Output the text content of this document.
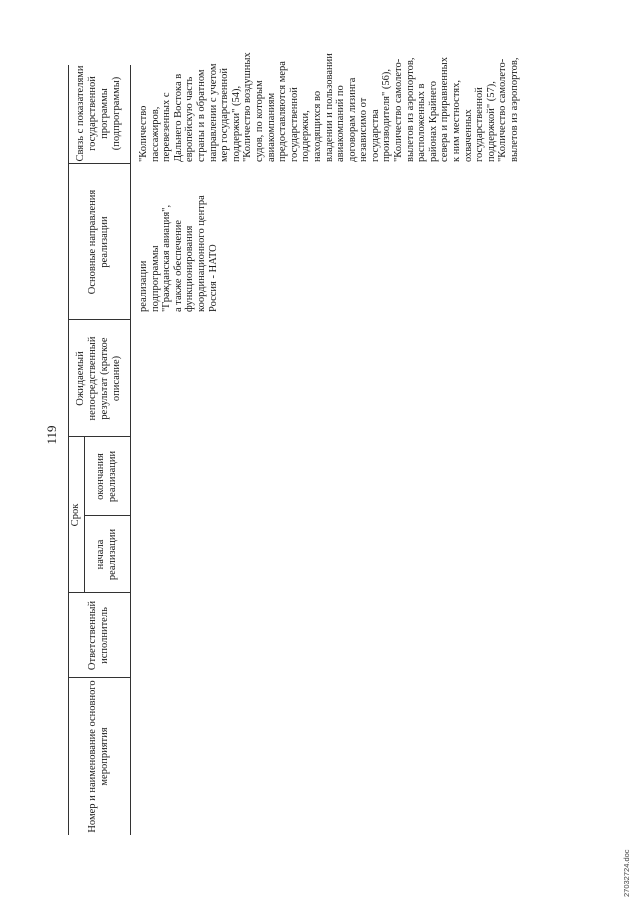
119
Номер и наименование основного мероприятия
Ответственный исполнитель
Срок
начала реализации
окончания реализации
Ожидаемый непосредственный результат (краткое описание)
Основные направления реализации
Связь с показателями государственной программы (подпрограммы)
реализации
подпрограммы
"Гражданская авиация",
а также обеспечение
функционирования
координационного центра
Россия - НАТО
"Количество
пассажиров,
перевезенных с
Дальнего Востока в
европейскую часть
страны и в обратном
направлении с учетом
мер государственной
поддержки" (54),
"Количество воздушных
судов, по которым
авиакомпаниям
предоставляются мера
государственной
поддержки,
находящихся во
владении и пользовании
авиакомпаний по
договорам лизинга
независимо от
государства
производителя" (56),
"Количество самолето-
вылетов из аэропортов,
расположенных в
районах Крайнего
севера и приравненных
к ним местностях,
охваченных
государственной
поддержкой" (57),
"Количество самолето-
вылетов из аэропортов,
27032724.doc
